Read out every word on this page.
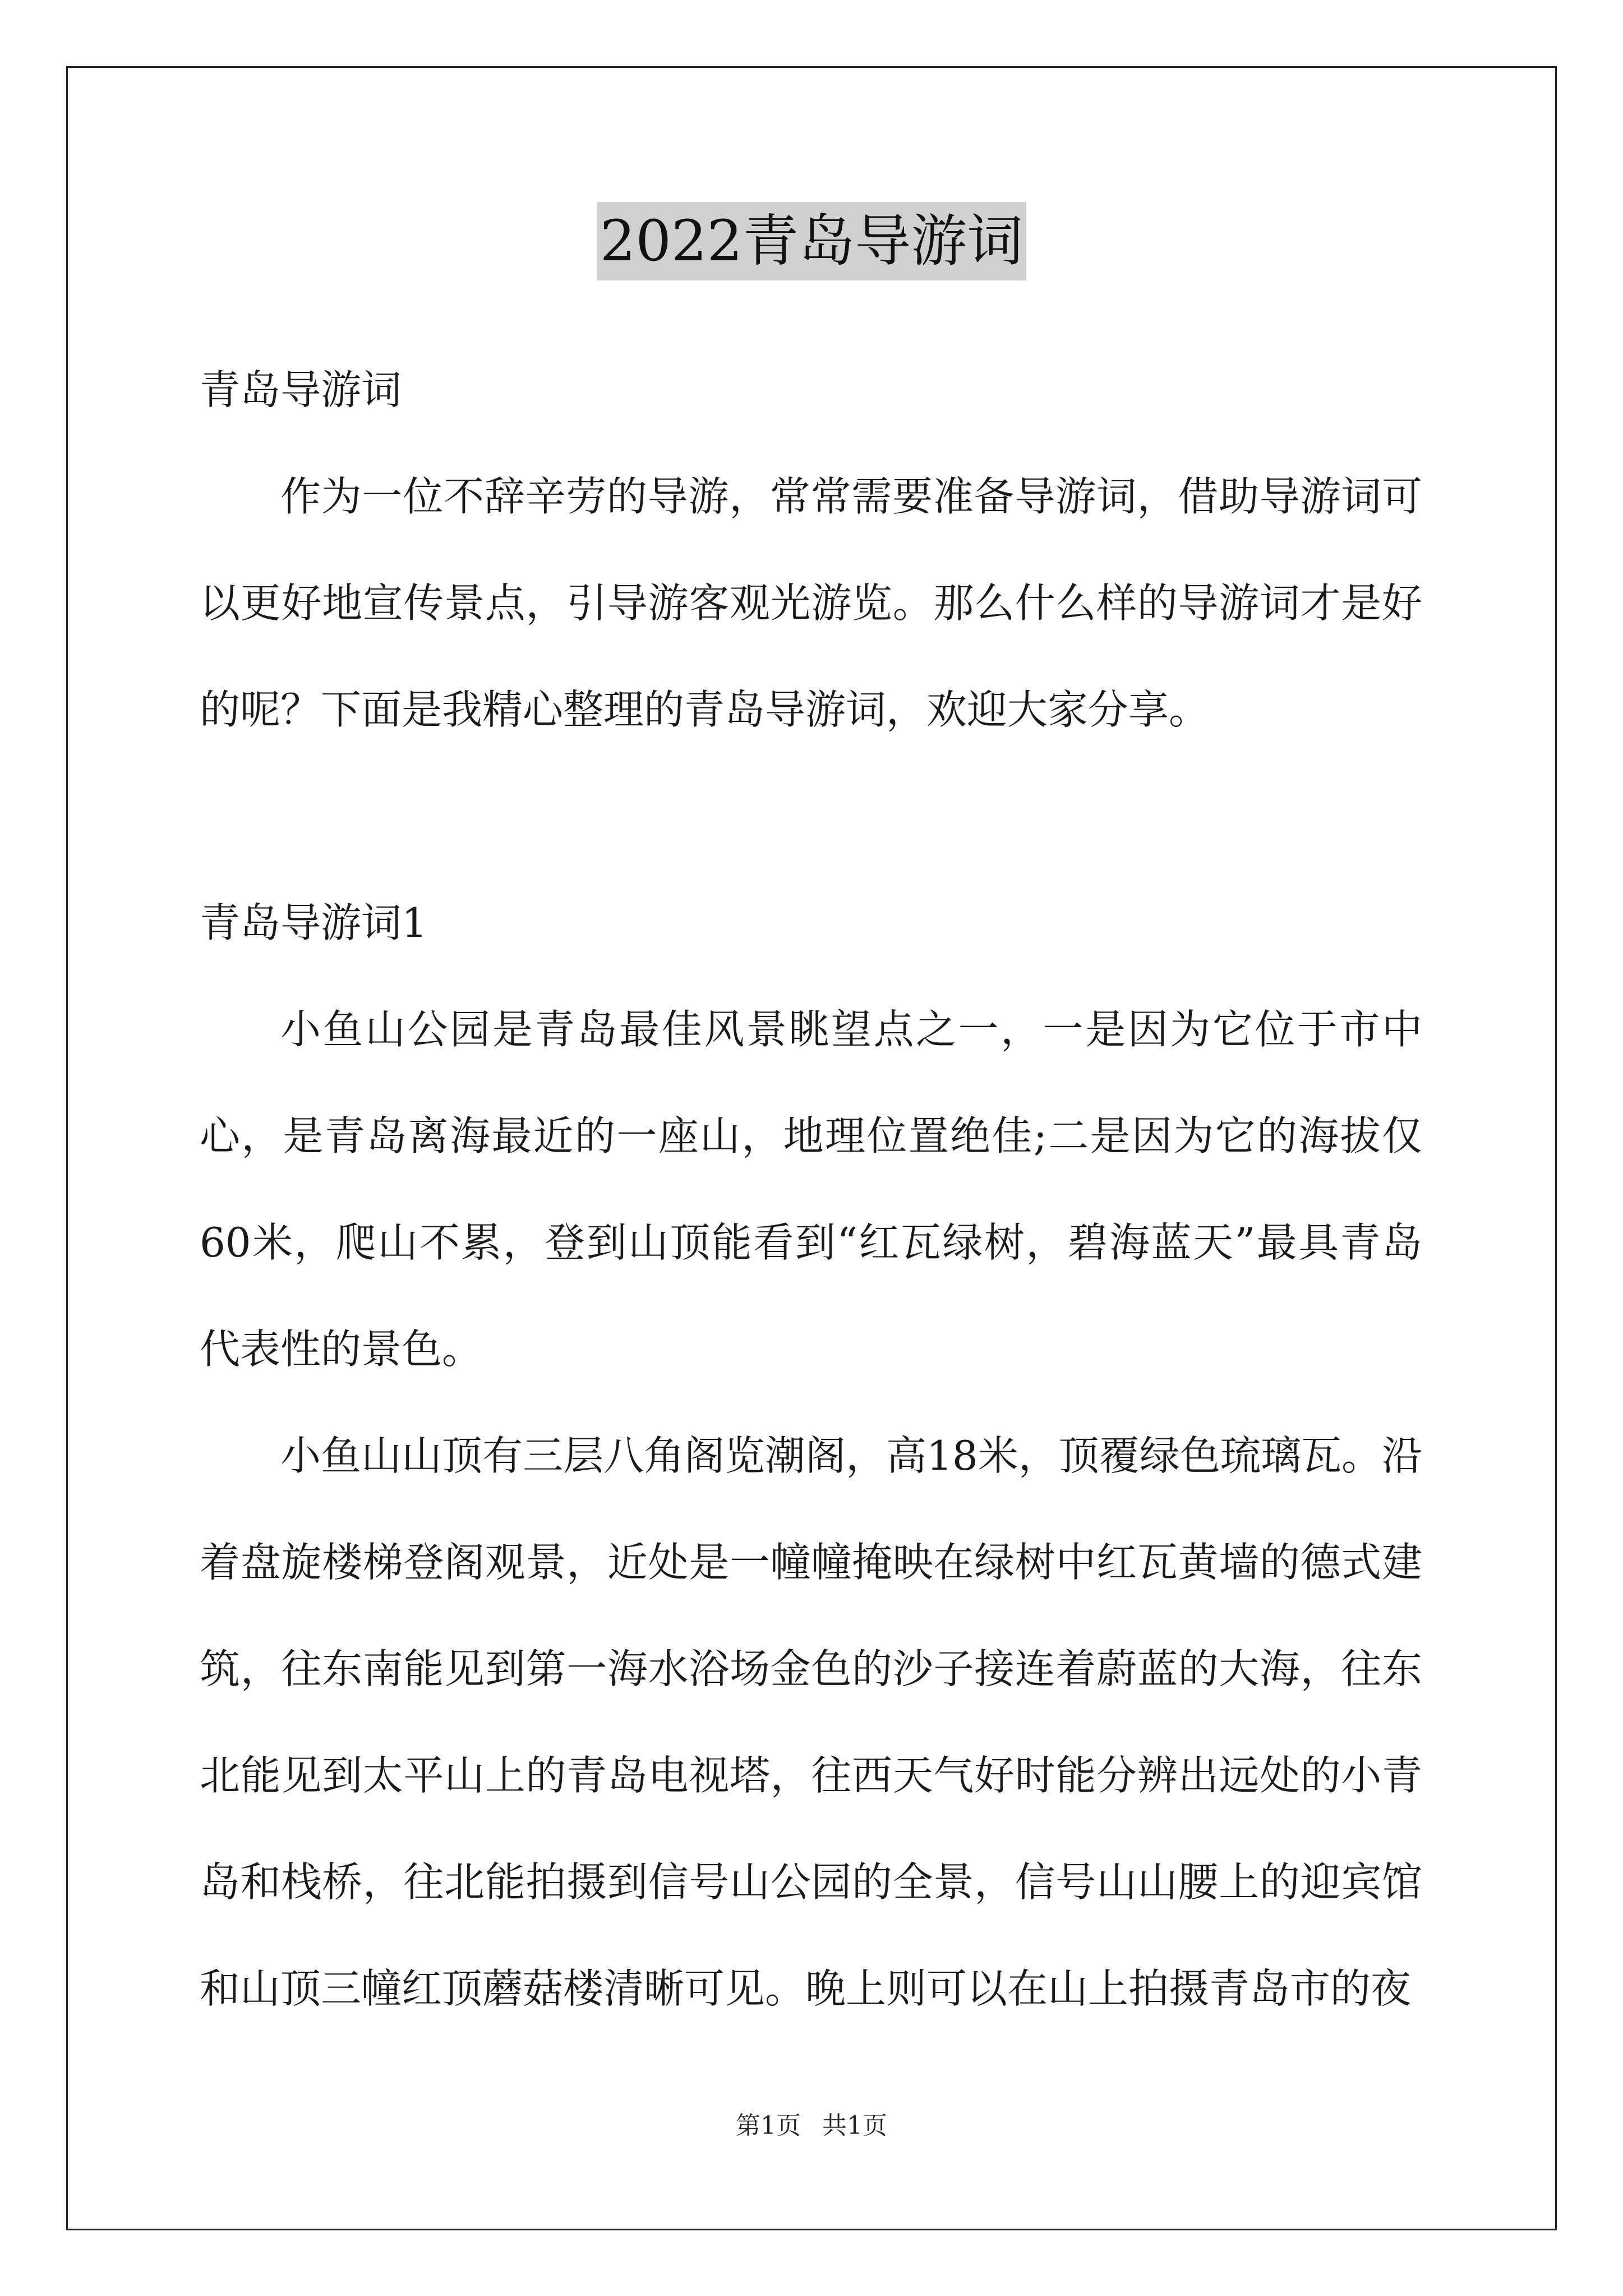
2022青岛导游词

青岛导游词

作为一位不辞辛劳的导游，常常需要准备导游词，借助导游词可以更好地宣传景点，引导游客观光游览。那么什么样的导游词才是好的呢？下面是我精心整理的青岛导游词，欢迎大家分享。

青岛导游词1

小鱼山公园是青岛最佳风景眺望点之一，一是因为它位于市中心，是青岛离海最近的一座山，地理位置绝佳;二是因为它的海拔仅60米，爬山不累，登到山顶能看到“红瓦绿树，碧海蓝天”最具青岛代表性的景色。

小鱼山山顶有三层八角阁览潮阁，高18米，顶覆绿色琉璃瓦。沿着盘旋楼梯登阁观景，近处是一幢幢掩映在绿树中红瓦黄墙的德式建筑，往东南能见到第一海水浴场金色的沙子接连着蔚蓝的大海，往东北能见到太平山上的青岛电视塔，往西天气好时能分辨出远处的小青岛和栈桥，往北能拍摄到信号山公园的全景，信号山山腰上的迎宾馆和山顶三幢红顶蘑菇楼清晰可见。晚上则可以在山上拍摄青岛市的夜

第1页 共1页
